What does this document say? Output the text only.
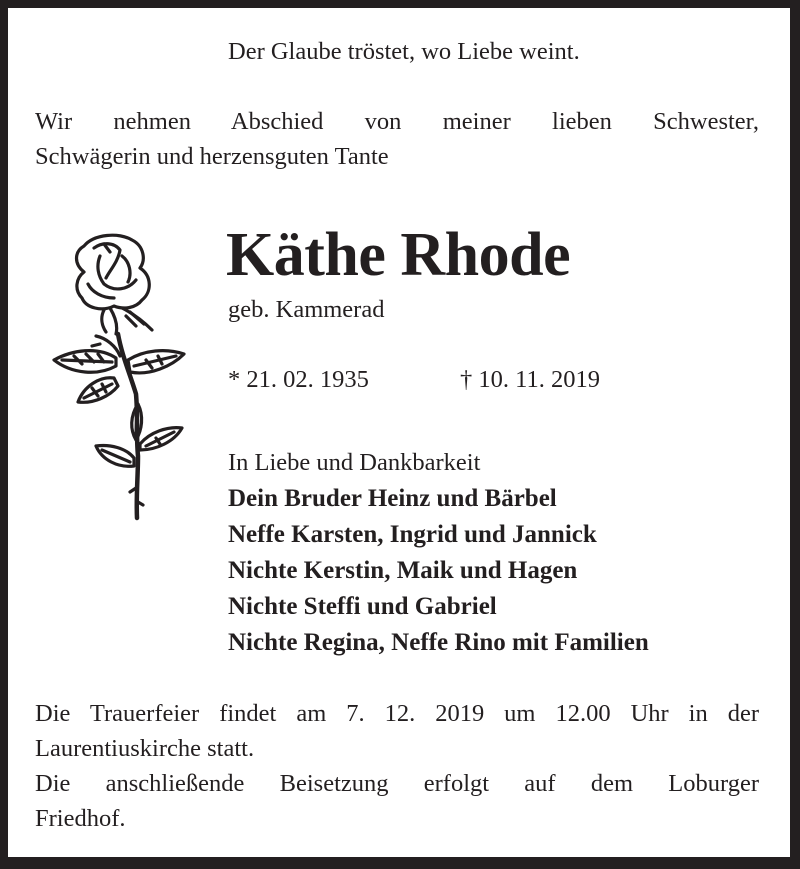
Der Glaube tröstet, wo Liebe weint.
Wir nehmen Abschied von meiner lieben Schwester,
Schwägerin und herzensguten Tante
Käthe Rhode
geb. Kammerad
* 21. 02. 1935	† 10. 11. 2019
In Liebe und Dankbarkeit
Dein Bruder Heinz und Bärbel
Neffe Karsten, Ingrid und Jannick
Nichte Kerstin, Maik und Hagen
Nichte Steffi und Gabriel
Nichte Regina, Neffe Rino mit Familien
Die Trauerfeier findet am 7. 12. 2019 um 12.00 Uhr in der
Laurentiuskirche statt.
Die anschließende Beisetzung erfolgt auf dem Loburger
Friedhof.
